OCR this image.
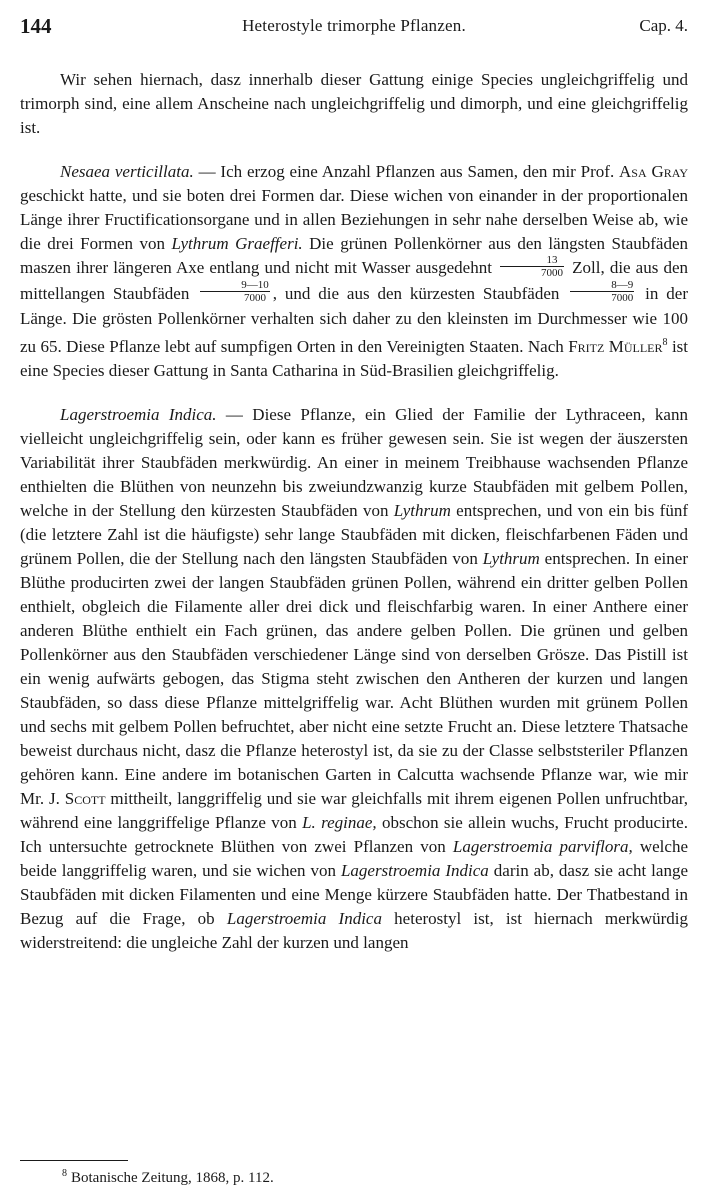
144	Heterostyle trimorphe Pflanzen.	Cap. 4.

Wir sehen hiernach, dasz innerhalb dieser Gattung einige Species ungleichgriffelig und trimorph sind, eine allem Anscheine nach ungleichgriffelig und dimorph, und eine gleichgriffelig ist.

Nesaea verticillata. — Ich erzog eine Anzahl Pflanzen aus Samen, den mir Prof. Asa Gray geschickt hatte, und sie boten drei Formen dar. Diese wichen von einander in der proportionalen Länge ihrer Fructificationsorgane und in allen Beziehungen in sehr nahe derselben Weise ab, wie die drei Formen von Lythrum Graefferi. Die grünen Pollenkörner aus den längsten Staubfäden maszen ihrer längeren Axe entlang und nicht mit Wasser ausgedehnt $\frac{13}{7000}$ Zoll, die aus den mittellangen Staubfäden $\frac{9—10}{7000}$ , und die aus den kürzesten Staubfäden $\frac{8—9}{7000}$ in der Länge. Die grösten Pollenkörner verhalten sich daher zu den kleinsten im Durchmesser wie 100 zu 65. Diese Pflanze lebt auf sumpfigen Orten in den Vereinigten Staaten. Nach Fritz Müller$^8$ ist eine Species dieser Gattung in Santa Catharina in Süd-Brasilien gleichgriffelig.

Lagerstroemia Indica. — Diese Pflanze, ein Glied der Familie der Lythraceen, kann vielleicht ungleichgriffelig sein, oder kann es früher gewesen sein. Sie ist wegen der äuszersten Variabilität ihrer Staubfäden merkwürdig. An einer in meinem Treibhause wachsenden Pflanze enthielten die Blüthen von neunzehn bis zweiundzwanzig kurze Staubfäden mit gelbem Pollen, welche in der Stellung den kürzesten Staubfäden von Lythrum entsprechen, und von ein bis fünf (die letztere Zahl ist die häufigste) sehr lange Staubfäden mit dicken, fleischfarbenen Fäden und grünem Pollen, die der Stellung nach den längsten Staubfäden von Lythrum entsprechen. In einer Blüthe producirten zwei der langen Staubfäden grünen Pollen, während ein dritter gelben Pollen enthielt, obgleich die Filamente aller drei dick und fleischfarbig waren. In einer Anthere einer anderen Blüthe enthielt ein Fach grünen, das andere gelben Pollen. Die grünen und gelben Pollenkörner aus den Staubfäden verschiedener Länge sind von derselben Grösze. Das Pistill ist ein wenig aufwärts gebogen, das Stigma steht zwischen den Antheren der kurzen und langen Staubfäden, so dass diese Pflanze mittelgriffelig war. Acht Blüthen wurden mit grünem Pollen und sechs mit gelbem Pollen befruchtet, aber nicht eine setzte Frucht an. Diese letztere Thatsache beweist durchaus nicht, dasz die Pflanze heterostyl ist, da sie zu der Classe selbststeriler Pflanzen gehören kann. Eine andere im botanischen Garten in Calcutta wachsende Pflanze war, wie mir Mr. J. Scott mittheilt, langgriffelig und sie war gleichfalls mit ihrem eigenen Pollen unfruchtbar, während eine langgriffelige Pflanze von L. reginae, obschon sie allein wuchs, Frucht producirte. Ich untersuchte getrocknete Blüthen von zwei Pflanzen von Lagerstroemia parviflora, welche beide langgriffelig waren, und sie wichen von Lagerstroemia Indica darin ab, dasz sie acht lange Staubfäden mit dicken Filamenten und eine Menge kürzere Staubfäden hatte. Der Thatbestand in Bezug auf die Frage, ob Lagerstroemia Indica heterostyl ist, ist hiernach merkwürdig widerstreitend: die ungleiche Zahl der kurzen und langen

$^8$ Botanische Zeitung, 1868, p. 112.
